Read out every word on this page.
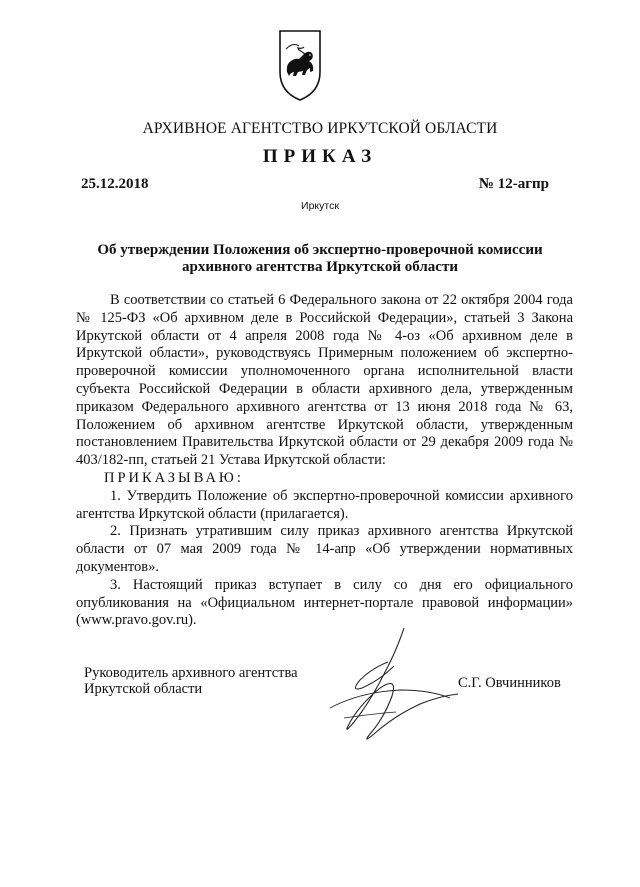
АРХИВНОЕ АГЕНТСТВО ИРКУТСКОЙ ОБЛАСТИ
ПРИКАЗ
25.12.2018	№ 12-агпр
Иркутск
Об утверждении Положения об экспертно-проверочной комиссии
архивного агентства Иркутской области

В соответствии со статьей 6 Федерального закона от 22 октября 2004 года № 125-ФЗ «Об архивном деле в Российской Федерации», статьей 3 Закона Иркутской области от 4 апреля 2008 года № 4-оз «Об архивном деле в Иркутской области», руководствуясь Примерным положением об экспертно-проверочной комиссии уполномоченного органа исполнительной власти субъекта Российской Федерации в области архивного дела, утвержденным приказом Федерального архивного агентства от 13 июня 2018 года № 63, Положением об архивном агентстве Иркутской области, утвержденным постановлением Правительства Иркутской области от 29 декабря 2009 года № 403/182-пп, статьей 21 Устава Иркутской области:

ПРИКАЗЫВАЮ:

1. Утвердить Положение об экспертно-проверочной комиссии архивного агентства Иркутской области (прилагается).

2. Признать утратившим силу приказ архивного агентства Иркутской области от 07 мая 2009 года № 14-апр «Об утверждении нормативных документов».

3. Настоящий приказ вступает в силу со дня его официального опубликования на «Официальном интернет-портале правовой информации» (www.pravo.gov.ru).

Руководитель архивного агентства
Иркутской области	С.Г. Овчинников
